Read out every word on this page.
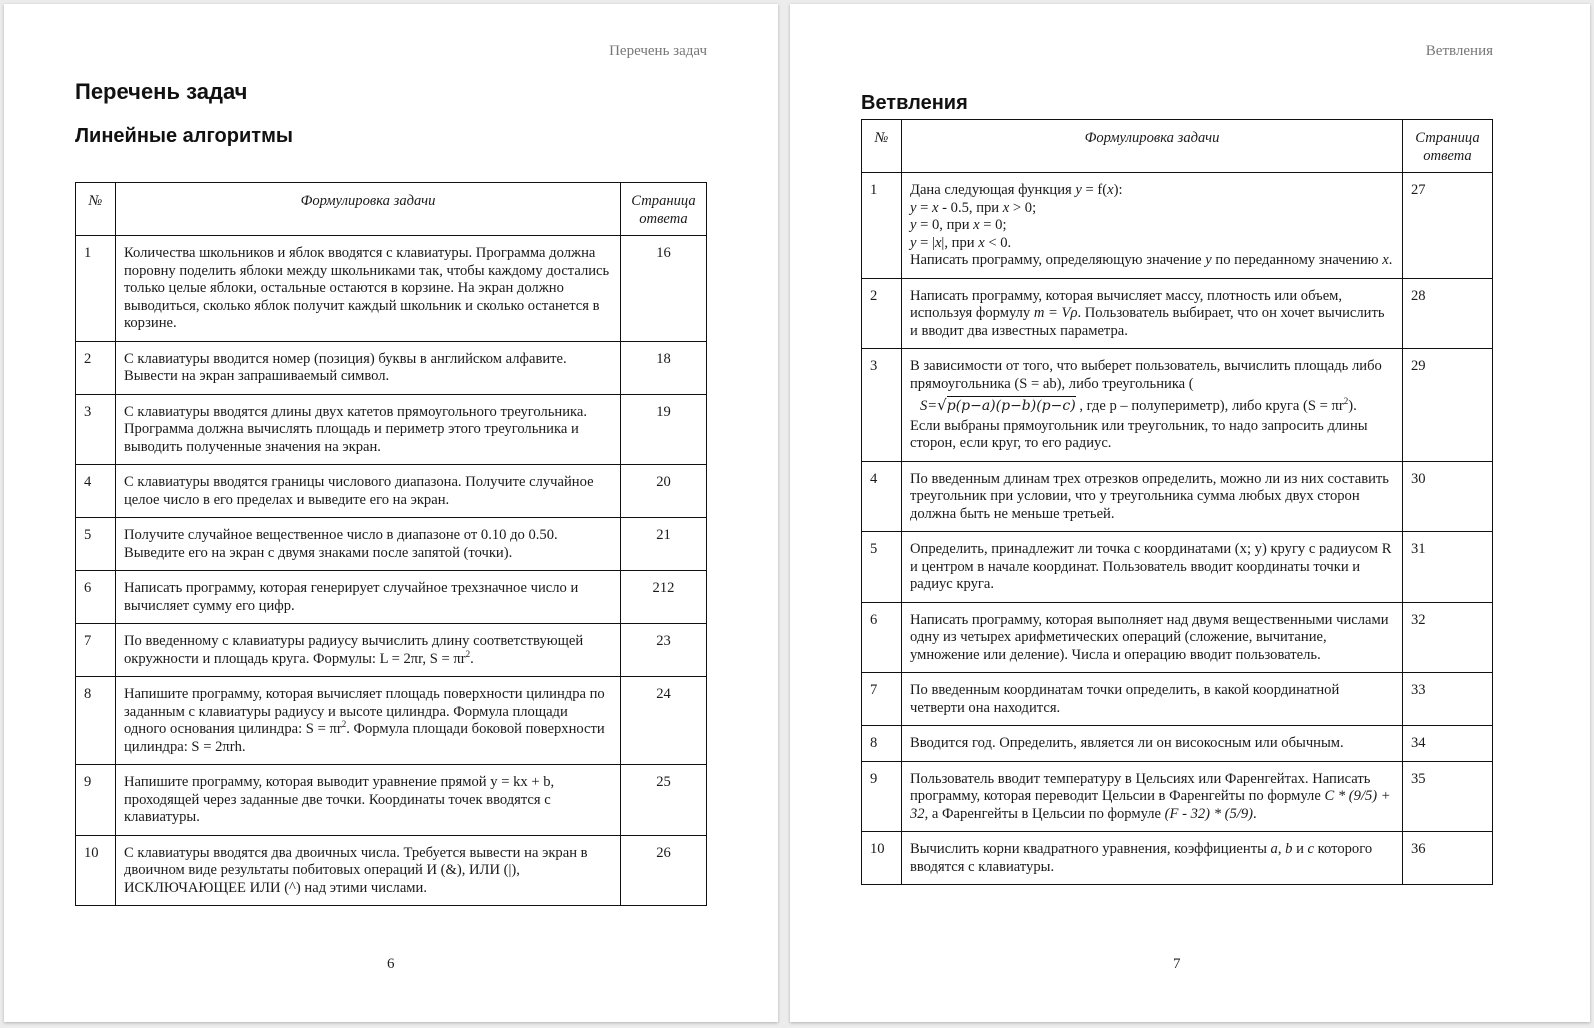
Перечень задач
Перечень задач
Линейные алгоритмы
№	Формулировка задачи	Страница ответа
1	Количества школьников и яблок вводятся с клавиатуры. Программа должна поровну поделить яблоки между школьниками так, чтобы каждому достались только целые яблоки, остальные остаются в корзине. На экран должно выводиться, сколько яблок получит каждый школьник и сколько останется в корзине.	16
2	С клавиатуры вводится номер (позиция) буквы в английском алфавите. Вывести на экран запрашиваемый символ.	18
3	С клавиатуры вводятся длины двух катетов прямоугольного треугольника. Программа должна вычислять площадь и периметр этого треугольника и выводить полученные значения на экран.	19
4	С клавиатуры вводятся границы числового диапазона. Получите случайное целое число в его пределах и выведите его на экран.	20
5	Получите случайное вещественное число в диапазоне от 0.10 до 0.50. Выведите его на экран с двумя знаками после запятой (точки).	21
6	Написать программу, которая генерирует случайное трехзначное число и вычисляет сумму его цифр.	212
7	По введенному с клавиатуры радиусу вычислить длину соответствующей окружности и площадь круга. Формулы: L = 2πr, $S = \pi r^2$.	23
8	Напишите программу, которая вычисляет площадь поверхности цилиндра по заданным с клавиатуры радиусу и высоте цилиндра. Формула площади одного основания цилиндра: $S = \pi r^2$. Формула площади боковой поверхности цилиндра: S = 2πrh.	24
9	Напишите программу, которая выводит уравнение прямой y = kx + b, проходящей через заданные две точки. Координаты точек вводятся с клавиатуры.	25
10	С клавиатуры вводятся два двоичных числа. Требуется вывести на экран в двоичном виде результаты побитовых операций И (&), ИЛИ (|), ИСКЛЮЧАЮЩЕЕ ИЛИ (^) над этими числами.	26
6
Ветвления
Ветвления
№	Формулировка задачи	Страница ответа
1	Дана следующая функция y = f(x):
y = x - 0.5, при x > 0;
y = 0, при x = 0;
y = |x|, при x < 0.
Написать программу, определяющую значение y по переданному значению x.	27
2	Написать программу, которая вычисляет массу, плотность или объем, используя формулу m = Vρ. Пользователь выбирает, что он хочет вычислить и вводит два известных параметра.	28
3	В зависимости от того, что выберет пользователь, вычислить площадь либо прямоугольника (S = ab), либо треугольника (
S=√p(p−a)(p−b)(p−c) , где p – полупериметр), либо круга $(S = \pi r^2)$.
Если выбраны прямоугольник или треугольник, то надо запросить длины сторон, если круг, то его радиус.	29
4	По введенным длинам трех отрезков определить, можно ли из них составить треугольник при условии, что у треугольника сумма любых двух сторон должна быть не меньше третьей.	30
5	Определить, принадлежит ли точка с координатами (x; y) кругу с радиусом R и центром в начале координат. Пользователь вводит координаты точки и радиус круга.	31
6	Написать программу, которая выполняет над двумя вещественными числами одну из четырех арифметических операций (сложение, вычитание, умножение или деление). Числа и операцию вводит пользователь.	32
7	По введенным координатам точки определить, в какой координатной четверти она находится.	33
8	Вводится год. Определить, является ли он високосным или обычным.	34
9	Пользователь вводит температуру в Цельсиях или Фаренгейтах. Написать программу, которая переводит Цельсии в Фаренгейты по формуле C * (9/5) + 32, а Фаренгейты в Цельсии по формуле (F - 32) * (5/9).	35
10	Вычислить корни квадратного уравнения, коэффициенты a, b и c которого вводятся с клавиатуры.	36
7
